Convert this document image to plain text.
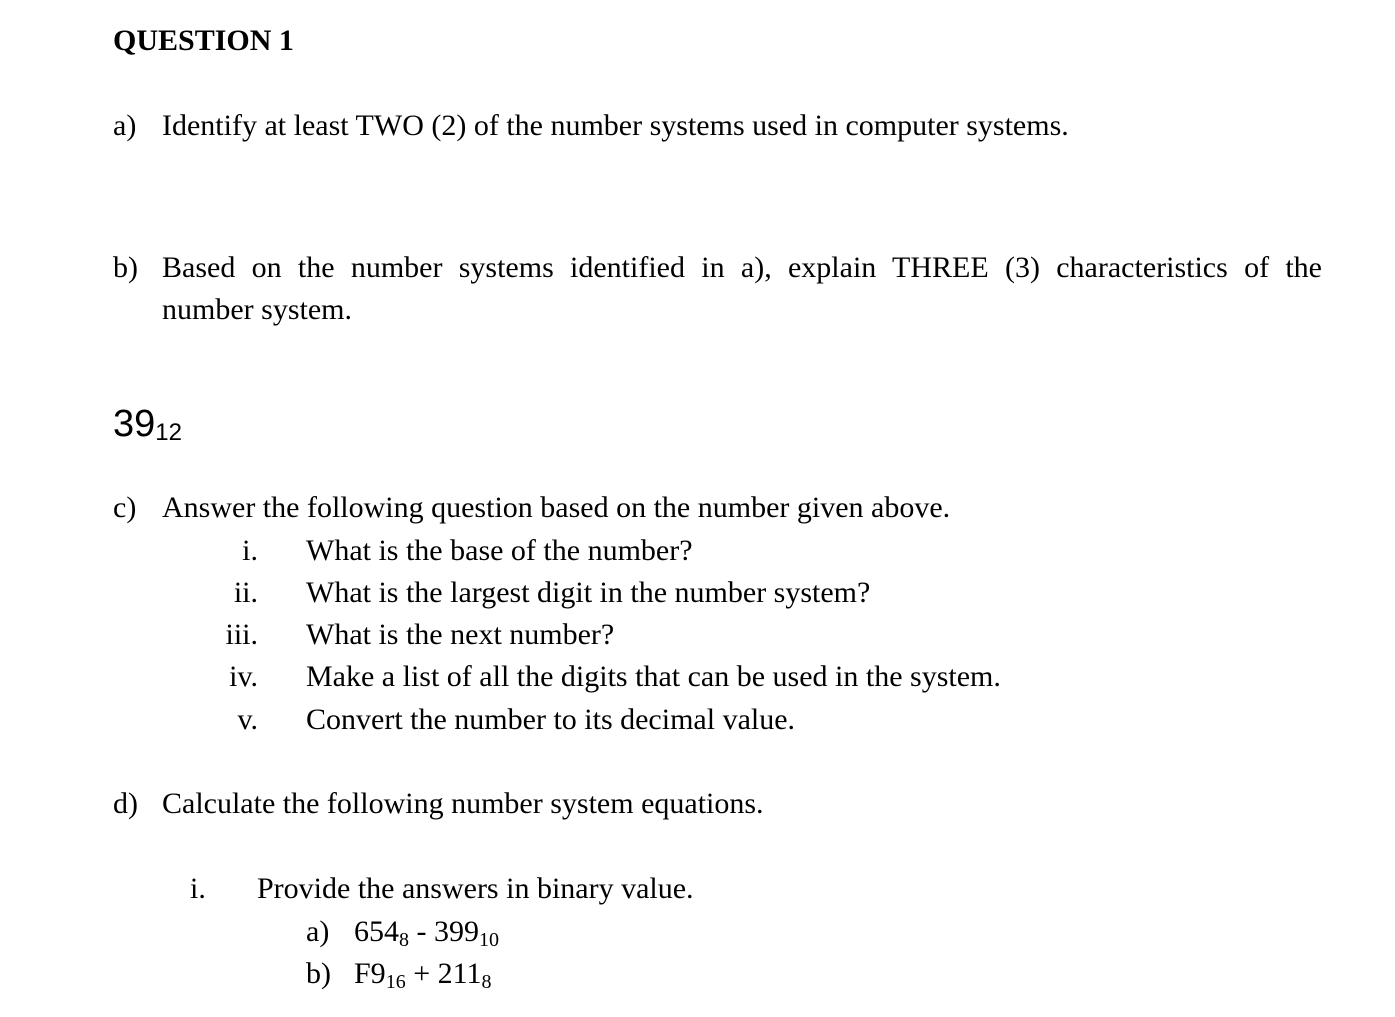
QUESTION 1
a) Identify at least TWO (2) of the number systems used in computer systems.
b) Based on the number systems identified in a), explain THREE (3) characteristics of the
number system.
$39_{12}$
c) Answer the following question based on the number given above.
i. What is the base of the number?
ii. What is the largest digit in the number system?
iii. What is the next number?
iv. Make a list of all the digits that can be used in the system.
v. Convert the number to its decimal value.
d) Calculate the following number system equations.
i. Provide the answers in binary value.
a) $654_8 - 399_{10}$
b) $F9_{16} + 211_8$
